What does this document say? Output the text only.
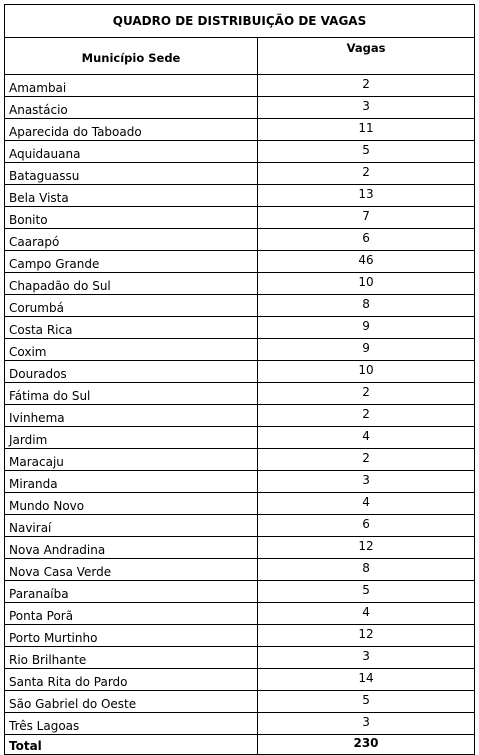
QUADRO DE DISTRIBUIÇÃO DE VAGAS	
Município Sede	Vagas
Amambai	2
Anastácio	3
Aparecida do Taboado	11
Aquidauana	5
Bataguassu	2
Bela Vista	13
Bonito	7
Caarapó	6
Campo Grande	46
Chapadão do Sul	10
Corumbá	8
Costa Rica	9
Coxim	9
Dourados	10
Fátima do Sul	2
Ivinhema	2
Jardim	4
Maracaju	2
Miranda	3
Mundo Novo	4
Naviraí	6
Nova Andradina	12
Nova Casa Verde	8
Paranaíba	5
Ponta Porã	4
Porto Murtinho	12
Rio Brilhante	3
Santa Rita do Pardo	14
São Gabriel do Oeste	5
Três Lagoas	3
Total	230
